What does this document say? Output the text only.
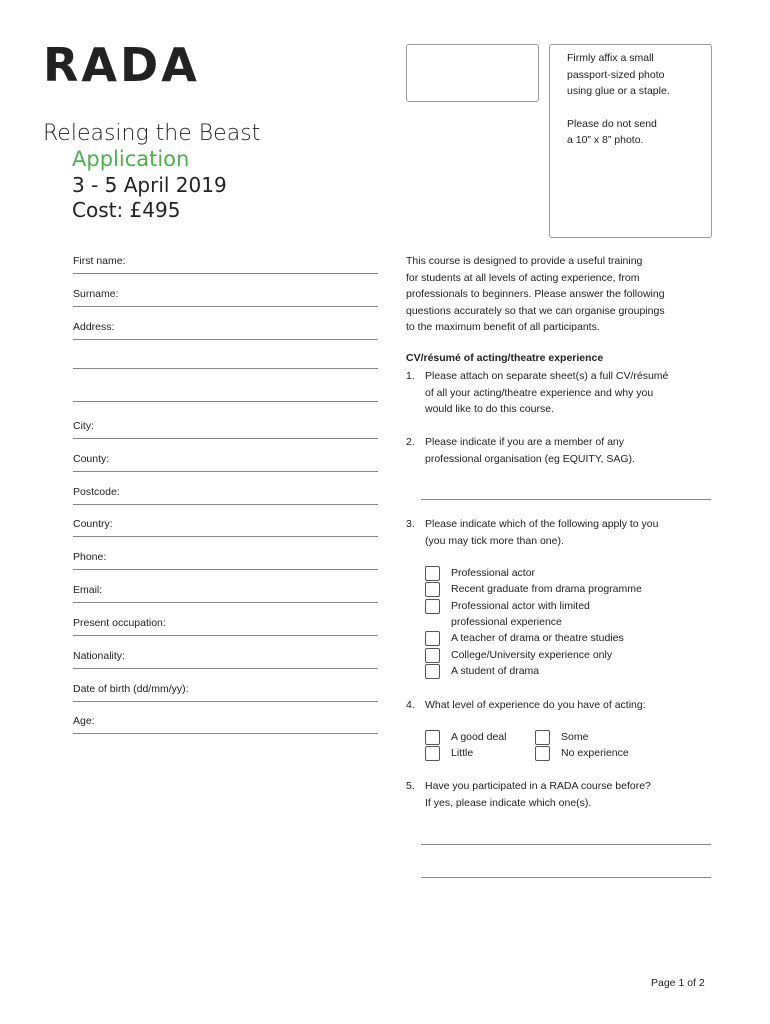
RADA	Firmly affix a small
passport-sized photo
using glue or a staple.
Please do not send
a 10” x 8” photo.
Releasing the Beast
Application
3 - 5 April 2019
Cost: £495
First name:
Surname:
Address:
City:
County:
Postcode:
Country:
Phone:
Email:
Present occupation:
Nationality:
Date of birth (dd/mm/yy):
Age:
This course is designed to provide a useful training
for students at all levels of acting experience, from
professionals to beginners. Please answer the following
questions accurately so that we can organise groupings
to the maximum benefit of all participants.
CV/résumé of acting/theatre experience
1. Please attach on separate sheet(s) a full CV/résumé
of all your acting/theatre experience and why you
would like to do this course.
2. Please indicate if you are a member of any
professional organisation (eg EQUITY, SAG).
3. Please indicate which of the following apply to you
(you may tick more than one).
Professional actor
Recent graduate from drama programme
Professional actor with limited
professional experience
A teacher of drama or theatre studies
College/University experience only
A student of drama
4. What level of experience do you have of acting:
A good deal	Some
Little	No experience
5. Have you participated in a RADA course before?
If yes, please indicate which one(s).
Page 1 of 2
